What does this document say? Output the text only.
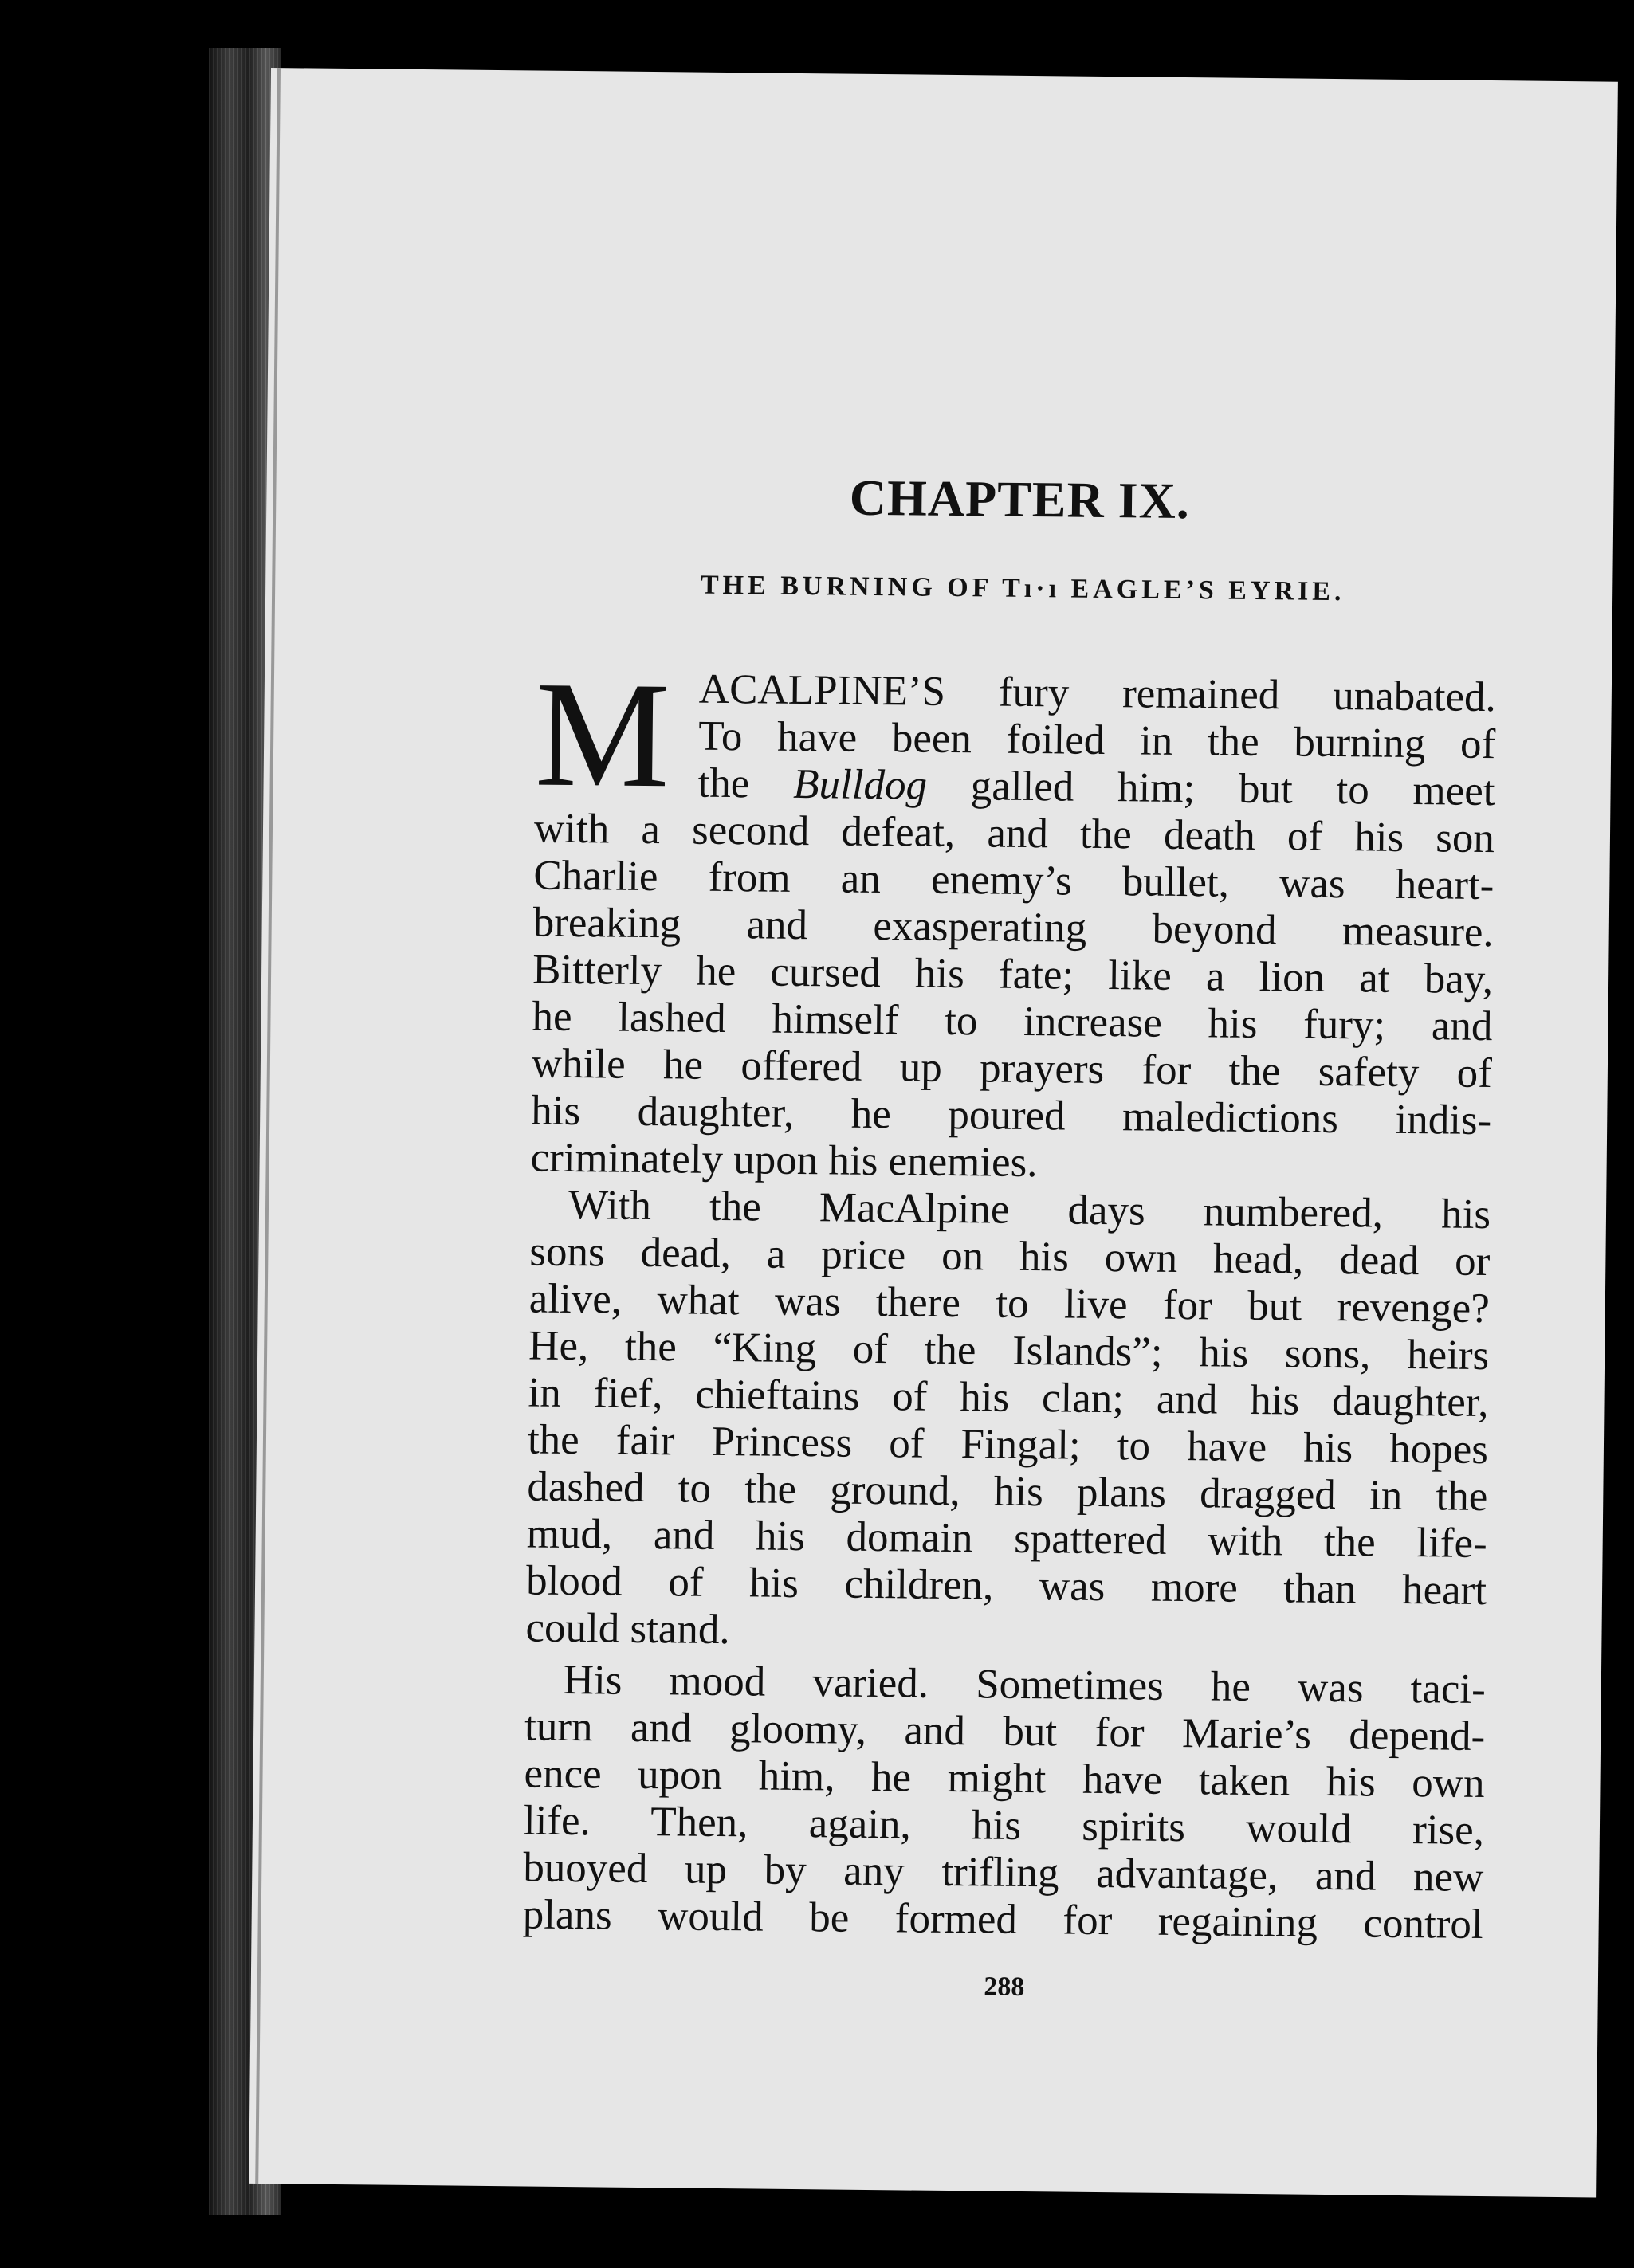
CHAPTER IX.
THE BURNING OF Tı·ı EAGLE’S EYRIE.
M ACALPINE’S fury remained unabated.
To have been foiled in the burning of
the Bulldog galled him; but to meet
with a second defeat, and the death of his son
Charlie from an enemy’s bullet, was heart-
breaking and exasperating beyond measure.
Bitterly he cursed his fate; like a lion at bay,
he lashed himself to increase his fury; and
while he offered up prayers for the safety of
his daughter, he poured maledictions indis-
criminately upon his enemies.
With the MacAlpine days numbered, his
sons dead, a price on his own head, dead or
alive, what was there to live for but revenge?
He, the “King of the Islands”; his sons, heirs
in fief, chieftains of his clan; and his daughter,
the fair Princess of Fingal; to have his hopes
dashed to the ground, his plans dragged in the
mud, and his domain spattered with the life-
blood of his children, was more than heart
could stand.
His mood varied. Sometimes he was taci-
turn and gloomy, and but for Marie’s depend-
ence upon him, he might have taken his own
life. Then, again, his spirits would rise,
buoyed up by any trifling advantage, and new
plans would be formed for regaining control
288
